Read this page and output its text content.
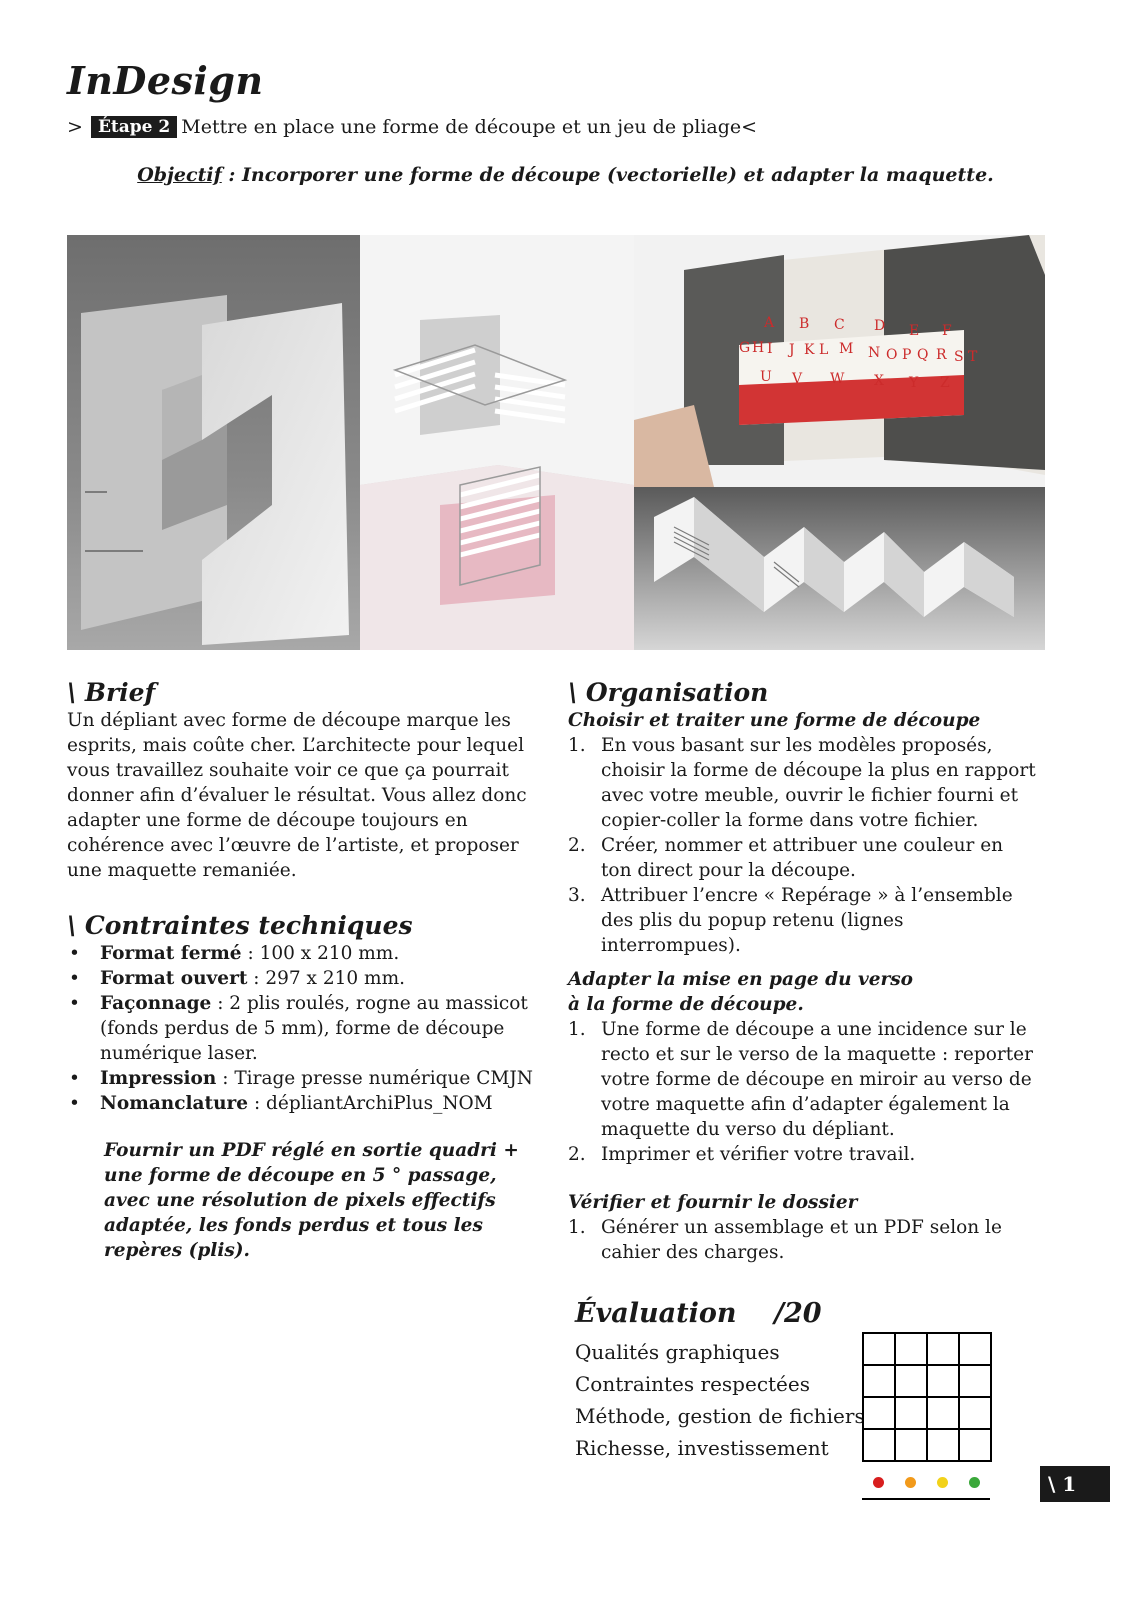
InDesign
> Étape 2 Mettre en place une forme de découpe et un jeu de pliage<
Objectif : Incorporer une forme de découpe (vectorielle) et adapter la maquette.
A B C D E F
G H I J K L M N O P Q R S T
U V W X Y Z
\ Brief

Un dépliant avec forme de découpe marque les esprits, mais coûte cher. L’architecte pour lequel vous travaillez souhaite voir ce que ça pourrait donner afin d’évaluer le résultat. Vous allez donc adapter une forme de découpe toujours en cohérence avec l’œuvre de l’artiste, et proposer une maquette remaniée.

\ Contraintes techniques
• Format fermé : 100 x 210 mm.
• Format ouvert : 297 x 210 mm.
• Façonnage : 2 plis roulés, rogne au massicot (fonds perdus de 5 mm), forme de découpe numérique laser.
• Impression : Tirage presse numérique CMJN
• Nomanclature : dépliantArchiPlus_NOM
Fournir un PDF réglé en sortie quadri + une forme de découpe en 5 ° passage, avec une résolution de pixels effectifs adaptée, les fonds perdus et tous les repères (plis).
\ Organisation
Choisir et traiter une forme de découpe
1. En vous basant sur les modèles proposés, choisir la forme de découpe la plus en rapport avec votre meuble, ouvrir le fichier fourni et copier-coller la forme dans votre fichier.
2. Créer, nommer et attribuer une couleur en ton direct pour la découpe.
3. Attribuer l’encre « Repérage » à l’ensemble des plis du popup retenu (lignes interrompues).
Adapter la mise en page du verso
à la forme de découpe.
1. Une forme de découpe a une incidence sur le recto et sur le verso de la maquette : reporter votre forme de découpe en miroir au verso de votre maquette afin d’adapter également la maquette du verso du dépliant.
2. Imprimer et vérifier votre travail.
Vérifier et fournir le dossier
1. Générer un assemblage et un PDF selon le cahier des charges.
Évaluation /20
Qualités graphiques
Contraintes respectées
Méthode, gestion de fichiers
Richesse, investissement
\ 1
